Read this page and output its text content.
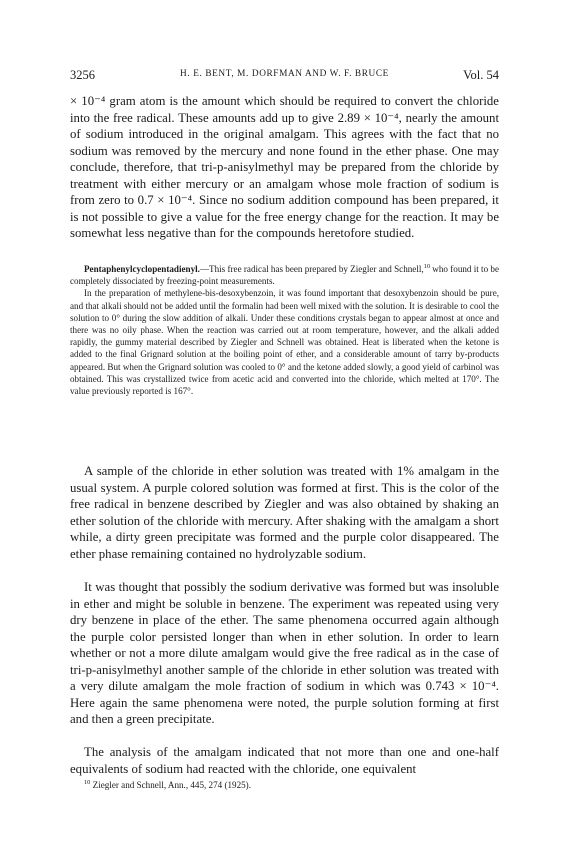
3256	H. E. BENT, M. DORFMAN AND W. F. BRUCE	Vol. 54

× 10⁻⁴ gram atom is the amount which should be required to convert the chloride into the free radical. These amounts add up to give 2.89 × 10⁻⁴, nearly the amount of sodium introduced in the original amalgam. This agrees with the fact that no sodium was removed by the mercury and none found in the ether phase. One may conclude, therefore, that tri-p-anisylmethyl may be prepared from the chloride by treatment with either mercury or an amalgam whose mole fraction of sodium is from zero to 0.7 × 10⁻⁴. Since no sodium addition compound has been prepared, it is not possible to give a value for the free energy change for the reaction. It may be somewhat less negative than for the compounds heretofore studied.

Pentaphenylcyclopentadienyl.—This free radical has been prepared by Ziegler and Schnell,$^{10}$ who found it to be completely dissociated by freezing-point measurements.

In the preparation of methylene-bis-desoxybenzoin, it was found important that desoxybenzoin should be pure, and that alkali should not be added until the formalin had been well mixed with the solution. It is desirable to cool the solution to 0° during the slow addition of alkali. Under these conditions crystals began to appear almost at once and there was no oily phase. When the reaction was carried out at room temperature, however, and the alkali added rapidly, the gummy material described by Ziegler and Schnell was obtained. Heat is liberated when the ketone is added to the final Grignard solution at the boiling point of ether, and a considerable amount of tarry by-products appeared. But when the Grignard solution was cooled to 0° and the ketone added slowly, a good yield of carbinol was obtained. This was crystallized twice from acetic acid and converted into the chloride, which melted at 170°. The value previously reported is 167°.

A sample of the chloride in ether solution was treated with 1% amalgam in the usual system. A purple colored solution was formed at first. This is the color of the free radical in benzene described by Ziegler and was also obtained by shaking an ether solution of the chloride with mercury. After shaking with the amalgam a short while, a dirty green precipitate was formed and the purple color disappeared. The ether phase remaining contained no hydrolyzable sodium.

It was thought that possibly the sodium derivative was formed but was insoluble in ether and might be soluble in benzene. The experiment was repeated using very dry benzene in place of the ether. The same phenomena occurred again although the purple color persisted longer than when in ether solution. In order to learn whether or not a more dilute amalgam would give the free radical as in the case of tri-p-anisylmethyl another sample of the chloride in ether solution was treated with a very dilute amalgam the mole fraction of sodium in which was 0.743 × 10⁻⁴. Here again the same phenomena were noted, the purple solution forming at first and then a green precipitate.

The analysis of the amalgam indicated that not more than one and one-half equivalents of sodium had reacted with the chloride, one equivalent

$^{10}$ Ziegler and Schnell, Ann., 445, 274 (1925).
